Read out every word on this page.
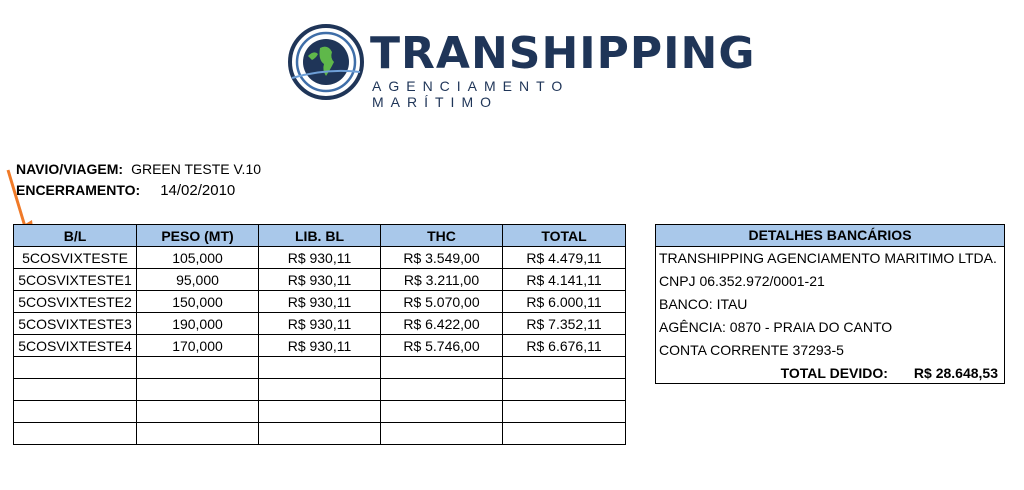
TRANSHIPPING
AGENCIAMENTO MARÍTIMO
NAVIO/VIAGEM: GREEN TESTE V.10
ENCERRAMENTO: 14/02/2010
B/L	PESO (MT)	LIB. BL	THC	TOTAL
5COSVIXTESTE	105,000	R$ 930,11	R$ 3.549,00	R$ 4.479,11
5COSVIXTESTE1	95,000	R$ 930,11	R$ 3.211,00	R$ 4.141,11
5COSVIXTESTE2	150,000	R$ 930,11	R$ 5.070,00	R$ 6.000,11
5COSVIXTESTE3	190,000	R$ 930,11	R$ 6.422,00	R$ 7.352,11
5COSVIXTESTE4	170,000	R$ 930,11	R$ 5.746,00	R$ 6.676,11

DETALHES BANCÁRIOS
TRANSHIPPING AGENCIAMENTO MARITIMO LTDA.
CNPJ 06.352.972/0001-21
BANCO: ITAU
AGÊNCIA: 0870 - PRAIA DO CANTO
CONTA CORRENTE 37293-5
TOTAL DEVIDO: R$ 28.648,53
